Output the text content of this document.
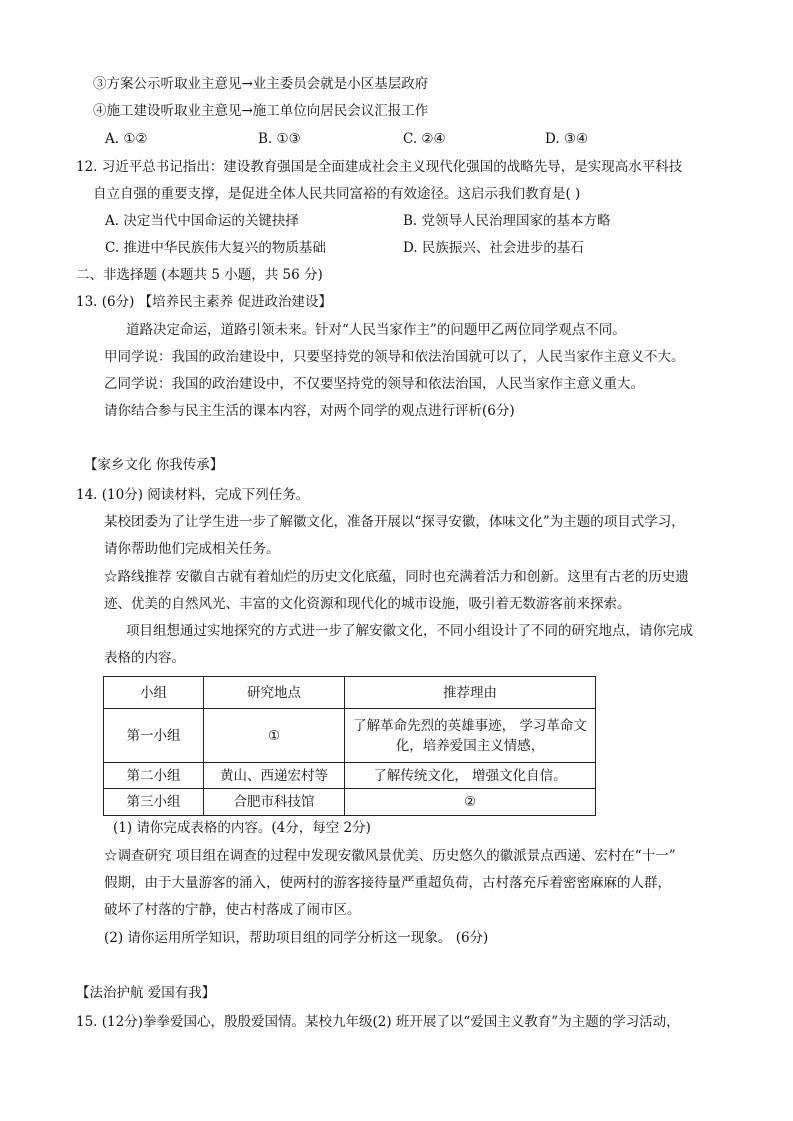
③方案公示听取业主意见→业主委员会就是小区基层政府
④施工建设听取业主意见→施工单位向居民会议汇报工作
A. ①②	B. ①③	C. ②④	D. ③④
12. 习近平总书记指出：建设教育强国是全面建成社会主义现代化强国的战略先导，是实现高水平科技
自立自强的重要支撑，是促进全体人民共同富裕的有效途径。这启示我们教育是( )
A. 决定当代中国命运的关键抉择	B. 党领导人民治理国家的基本方略
C. 推进中华民族伟大复兴的物质基础	D. 民族振兴、社会进步的基石
二、非选择题 (本题共 5 小题，共 56 分)
13. (6分) 【培养民主素养 促进政治建设】
道路决定命运，道路引领未来。针对“人民当家作主”的问题甲乙两位同学观点不同。
甲同学说：我国的政治建设中，只要坚持党的领导和依法治国就可以了，人民当家作主意义不大。
乙同学说：我国的政治建设中，不仅要坚持党的领导和依法治国，人民当家作主意义重大。
请你结合参与民主生活的课本内容，对两个同学的观点进行评析(6分)
【家乡文化 你我传承】
14. (10分) 阅读材料，完成下列任务。
某校团委为了让学生进一步了解徽文化，准备开展以“探寻安徽，体味文化”为主题的项目式学习，
请你帮助他们完成相关任务。
☆路线推荐 安徽自古就有着灿烂的历史文化底蕴，同时也充满着活力和创新。这里有古老的历史遗
迹、优美的自然风光、丰富的文化资源和现代化的城市设施，吸引着无数游客前来探索。
项目组想通过实地探究的方式进一步了解安徽文化，不同小组设计了不同的研究地点，请你完成
表格的内容。
小组	研究地点	推荐理由
第一小组	①	了解革命先烈的英雄事迹， 学习革命文
化，培养爱国主义情感，

第二小组	黄山、西递宏村等	了解传统文化， 增强文化自信。
第三小组	合肥市科技馆	②
(1) 请你完成表格的内容。(4分，每空 2分)
☆调查研究 项目组在调查的过程中发现安徽风景优美、历史悠久的徽派景点西递、宏村在“十一”
假期，由于大量游客的涌入，使两村的游客接待量严重超负荷，古村落充斥着密密麻麻的人群，
破坏了村落的宁静，使古村落成了闹市区。
(2) 请你运用所学知识，帮助项目组的同学分析这一现象。 (6分)
【法治护航 爱国有我】
15. (12分)拳拳爱国心，殷殷爱国情。某校九年级(2) 班开展了以“爱国主义教育”为主题的学习活动，
